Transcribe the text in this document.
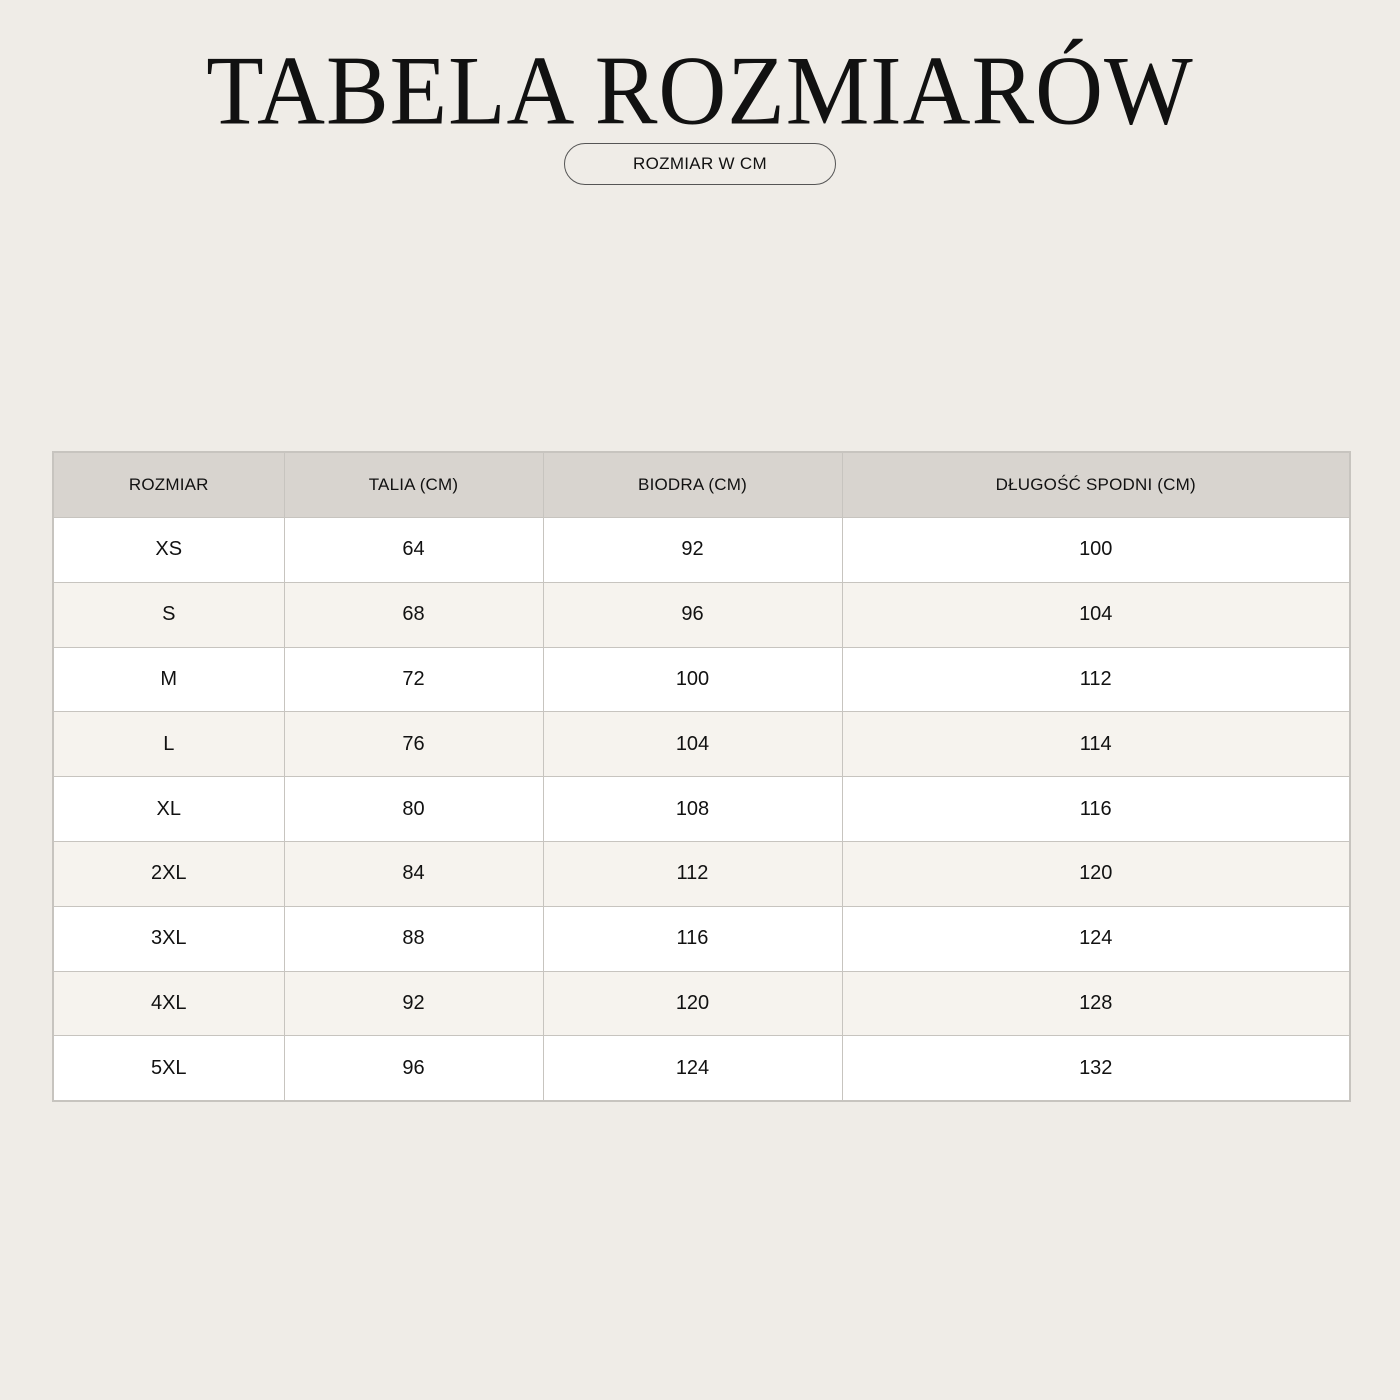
TABELA ROZMIARÓW
ROZMIAR W CM
ROZMIAR	TALIA (CM)	BIODRA (CM)	DŁUGOŚĆ SPODNI (CM)
XS	64	92	100
S	68	96	104
M	72	100	112
L	76	104	114
XL	80	108	116
2XL	84	112	120
3XL	88	116	124
4XL	92	120	128
5XL	96	124	132
